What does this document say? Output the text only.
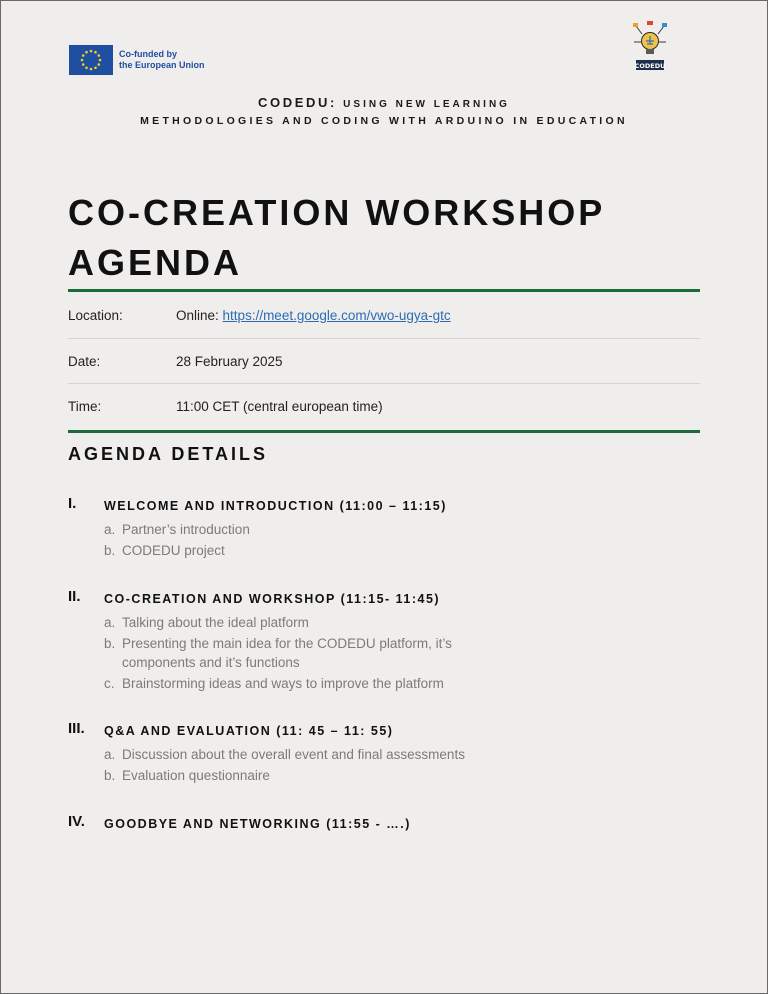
Co-funded by
the European Union	CODEDU
CODEDU: USING NEW LEARNING
METHODOLOGIES AND CODING WITH ARDUINO IN EDUCATION
CO-CREATION WORKSHOP
AGENDA
Location:	Online: https://meet.google.com/vwo-ugya-gtc
Date:	28 February 2025
Time:	11:00 CET (central european time)
AGENDA DETAILS
I. WELCOME AND INTRODUCTION (11:00 – 11:15)
a. Partner’s introduction
b. CODEDU project
II. CO-CREATION AND WORKSHOP (11:15- 11:45)
a. Talking about the ideal platform
b. Presenting the main idea for the CODEDU platform, it’s
components and it’s functions
c. Brainstorming ideas and ways to improve the platform
III. Q&A AND EVALUATION (11: 45 – 11: 55)
a. Discussion about the overall event and final assessments
b. Evaluation questionnaire
IV. GOODBYE AND NETWORKING (11:55 - ….)
